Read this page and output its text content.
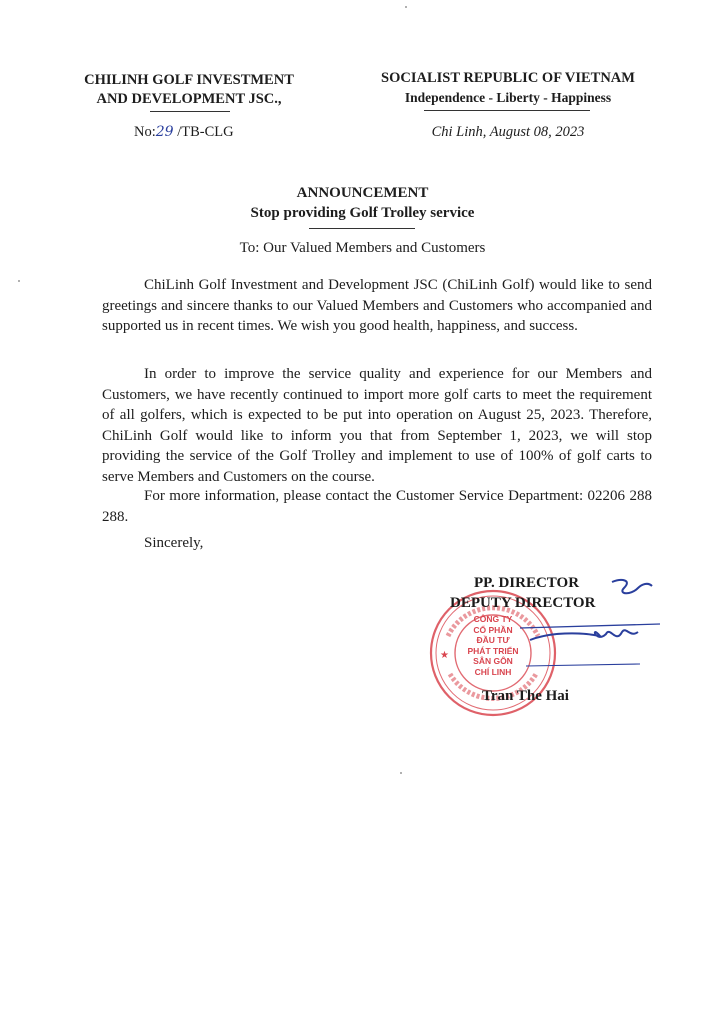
CHILINH GOLF INVESTMENT
AND DEVELOPMENT JSC.,
SOCIALIST REPUBLIC OF VIETNAM
Independence - Liberty - Happiness
No:29 /TB-CLG	Chi Linh, August 08, 2023
ANNOUNCEMENT
Stop providing Golf Trolley service
To: Our Valued Members and Customers

ChiLinh Golf Investment and Development JSC (ChiLinh Golf) would like to send greetings and sincere thanks to our Valued Members and Customers who accompanied and supported us in recent times. We wish you good health, happiness, and success.

In order to improve the service quality and experience for our Members and Customers, we have recently continued to import more golf carts to meet the requirement of all golfers, which is expected to be put into operation on August 25, 2023. Therefore, ChiLinh Golf would like to inform you that from September 1, 2023, we will stop providing the service of the Golf Trolley and implement to use of 100% of golf carts to serve Members and Customers on the course.

For more information, please contact the Customer Service Department: 02206 288 288.

Sincerely,
★
CÔNG TY
CỔ PHẦN
ĐẦU TƯ
PHÁT TRIỂN
SÂN GÔN
CHÍ LINH
PP. DIRECTOR
DEPUTY DIRECTOR
Tran The Hai
